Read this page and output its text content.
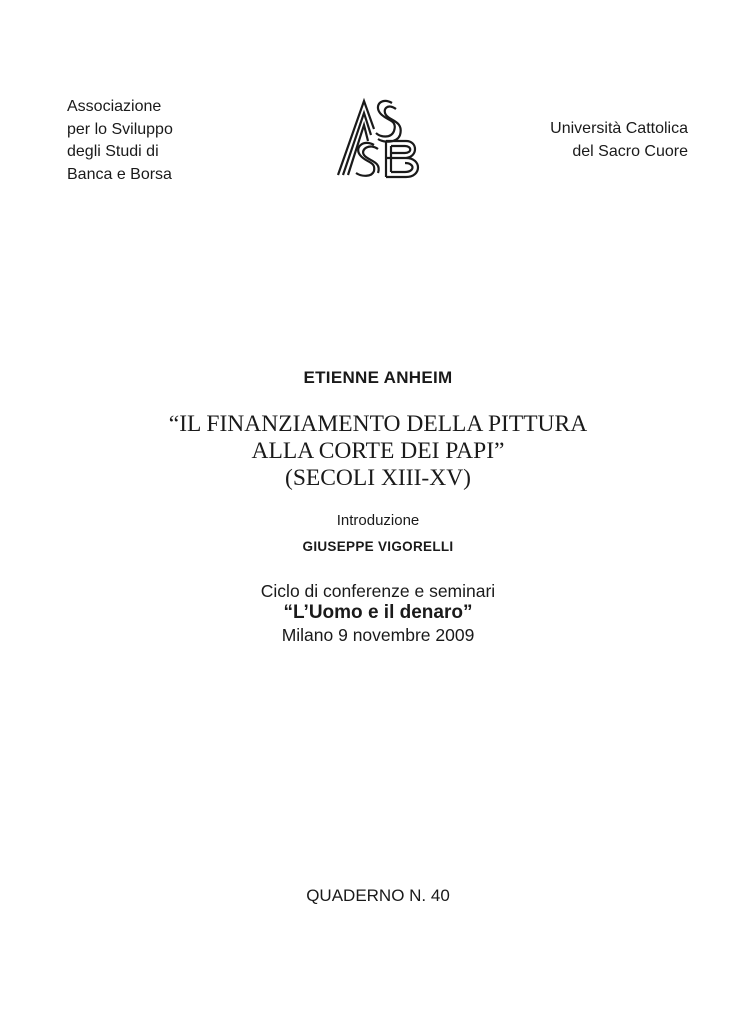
Associazione
per lo Sviluppo
degli Studi di
Banca e Borsa
ASSB
Università Cattolica
del Sacro Cuore
ETIENNE ANHEIM
“IL FINANZIAMENTO DELLA PITTURA
ALLA CORTE DEI PAPI”
(SECOLI XIII-XV)
Introduzione
GIUSEPPE VIGORELLI
Ciclo di conferenze e seminari
“L’Uomo e il denaro”
Milano 9 novembre 2009
QUADERNO N. 40
